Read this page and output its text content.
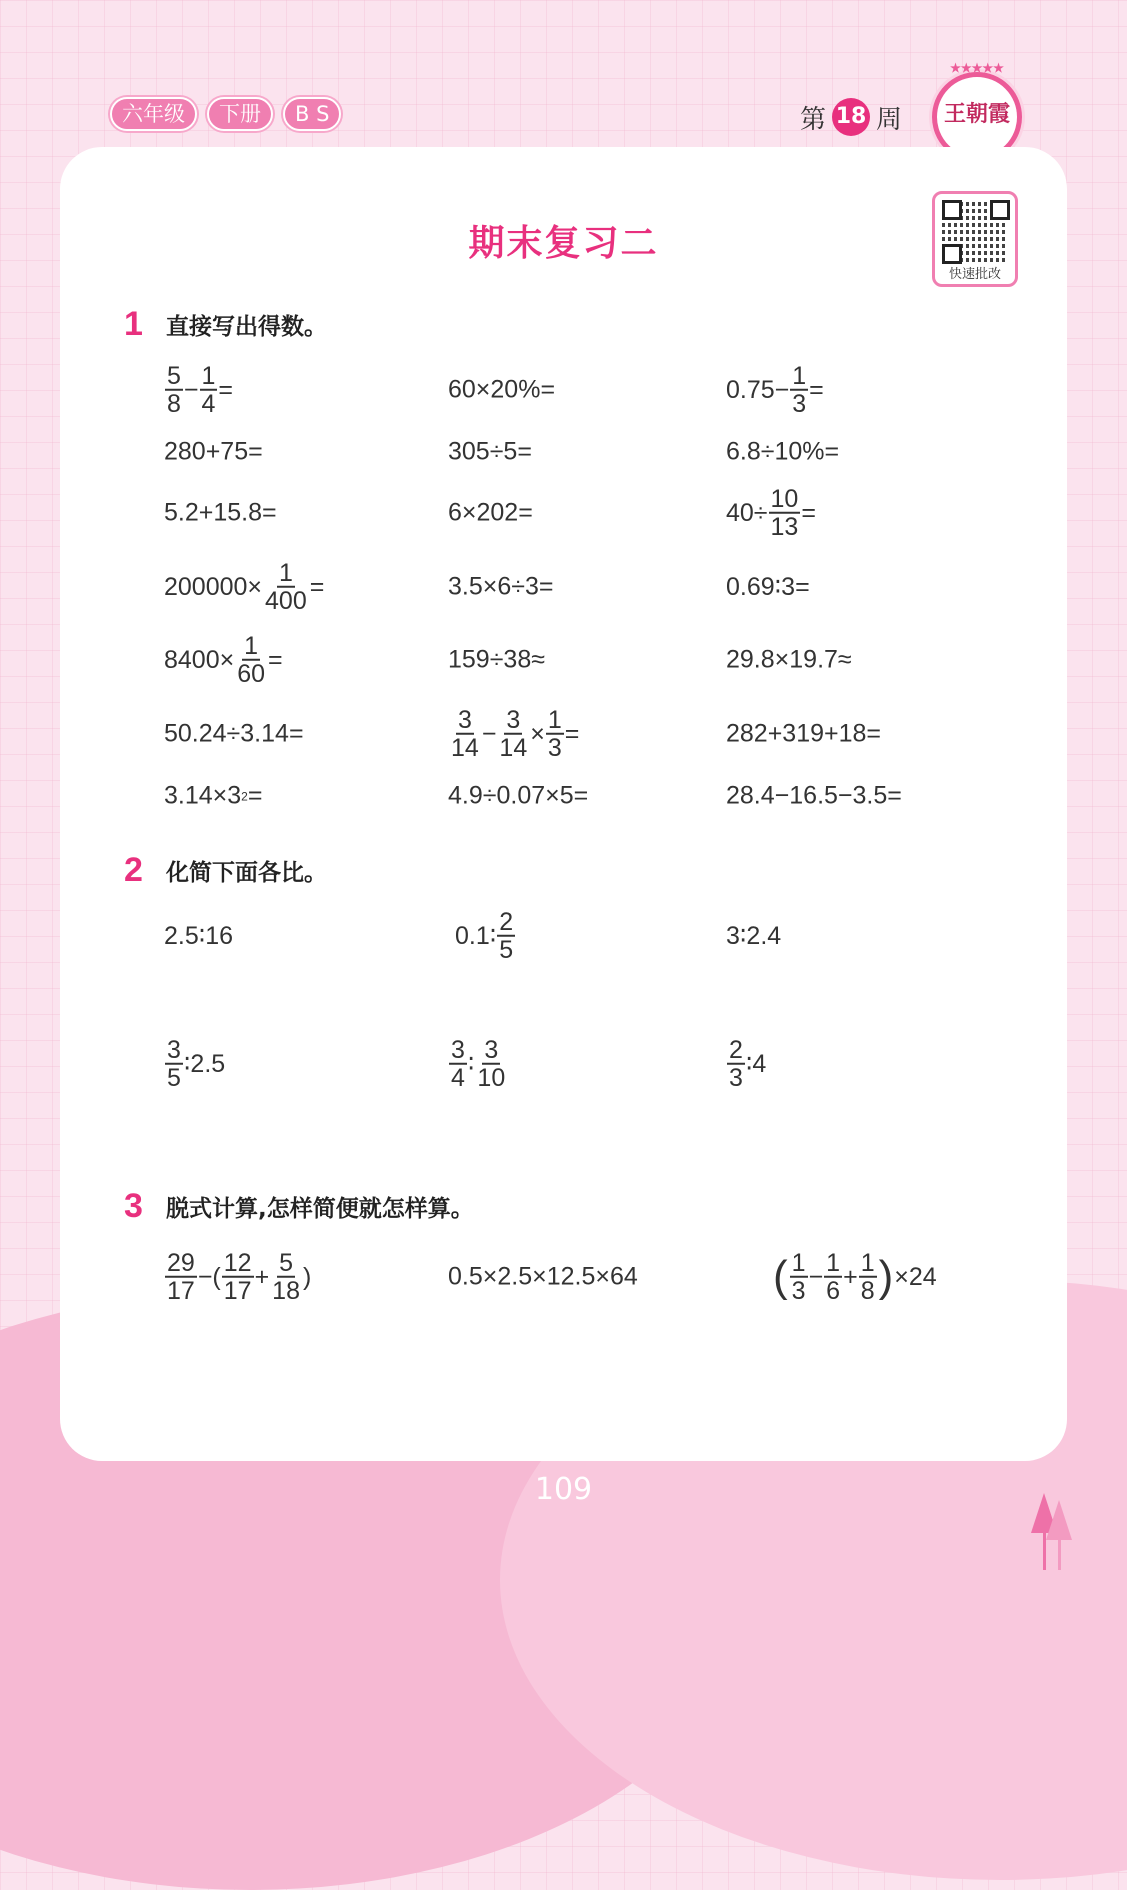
六年级	下册	B S	第 18 周
★★★★★
王朝霞
期末复习二
快速批改
1 直接写出得数。
$\frac{5}{8} - \frac{1}{4}$ =	60×20%=	$0.75- \frac{1}{3}$ =
280+75=	305÷5=	6.8÷10%=
5.2+15.8=	6×202=	$40\div \frac{10}{13}$ =
$200000\times \frac{1}{400}$ =	3.5×6÷3=	0.69∶3=
$8400\times \frac{1}{60}$ =	159÷38≈	29.8×19.7≈
50.24÷3.14=	$\frac{3}{14} - \frac{3}{14} \times \frac{1}{3}$ =	282+319+18=
3.14×3 2 =	4.9÷0.07×5=	28.4−16.5−3.5=
2 化简下面各比。
2.5∶16	0.1∶ $\frac{2}{5}$	3∶2.4
$\frac{3}{5}$ ∶2.5	$\frac{3}{4}$ ∶ $\frac{3}{10}$	$\frac{2}{3}$ ∶4
3 脱式计算,怎样简便就怎样算。
$\frac{29}{17}$ −( $\frac{12}{17} + \frac{5}{18}$ )	0.5×2.5×12.5×64	( $\frac{1}{3} - \frac{1}{6} + \frac{1}{8}$ ) ×24
109
